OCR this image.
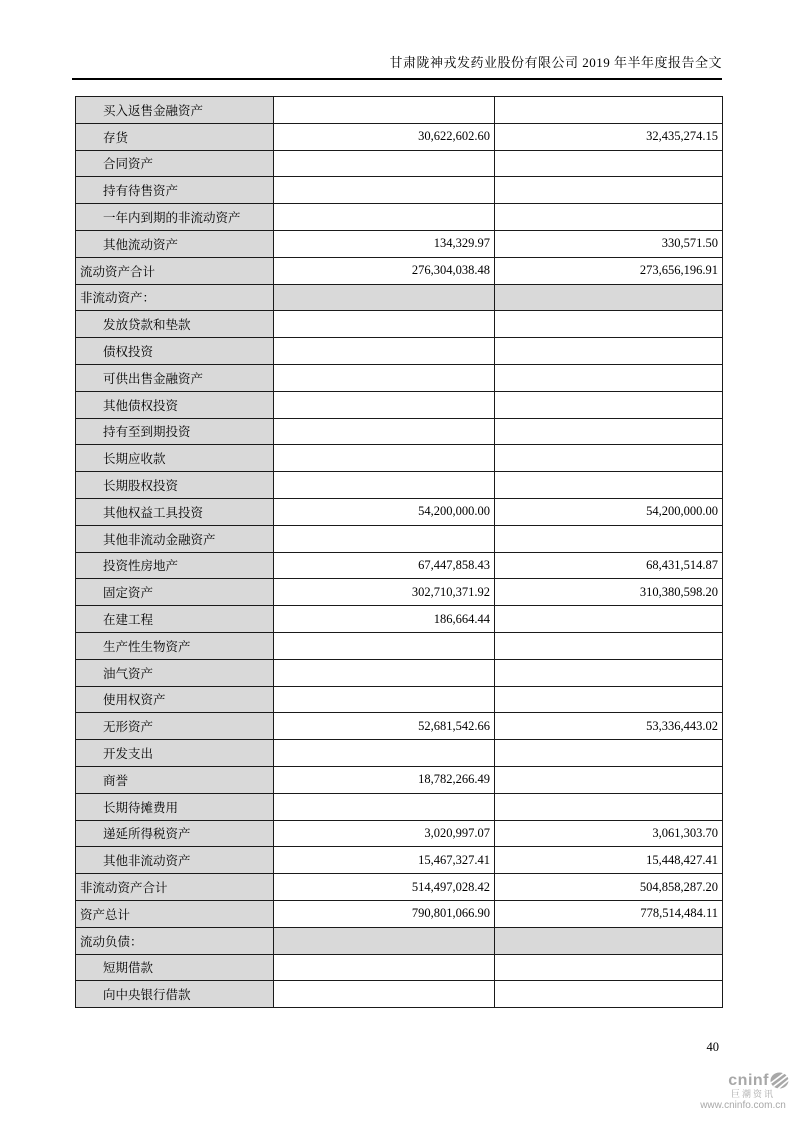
甘肃陇神戎发药业股份有限公司 2019 年半年度报告全文
买入返售金融资产		
存货	30,622,602.60	32,435,274.15
合同资产		
持有待售资产		
一年内到期的非流动资产		
其他流动资产	134,329.97	330,571.50
流动资产合计	276,304,038.48	273,656,196.91
非流动资产：		
发放贷款和垫款		
债权投资		
可供出售金融资产		
其他债权投资		
持有至到期投资		
长期应收款		
长期股权投资		
其他权益工具投资	54,200,000.00	54,200,000.00
其他非流动金融资产		
投资性房地产	67,447,858.43	68,431,514.87
固定资产	302,710,371.92	310,380,598.20
在建工程	186,664.44	
生产性生物资产		
油气资产		
使用权资产		
无形资产	52,681,542.66	53,336,443.02
开发支出		
商誉	18,782,266.49	
长期待摊费用		
递延所得税资产	3,020,997.07	3,061,303.70
其他非流动资产	15,467,327.41	15,448,427.41
非流动资产合计	514,497,028.42	504,858,287.20
资产总计	790,801,066.90	778,514,484.11
流动负债：		
短期借款		
向中央银行借款		
40
cninf
巨潮资讯
www.cninfo.com.cn
